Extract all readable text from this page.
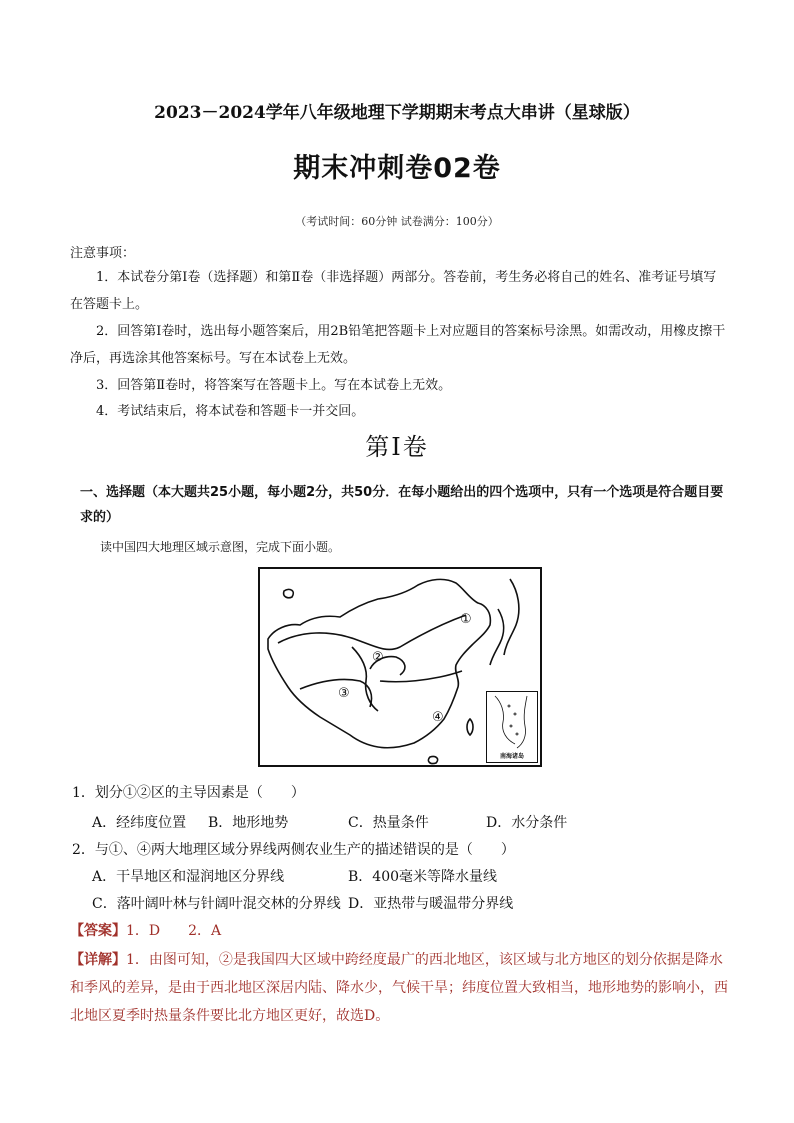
2023－2024学年八年级地理下学期期末考点大串讲（星球版）
期末冲刺卷02卷
（考试时间：60分钟 试卷满分：100分）
注意事项：
1．本试卷分第Ⅰ卷（选择题）和第Ⅱ卷（非选择题）两部分。答卷前，考生务必将自己的姓名、准考证号填写在答题卡上。
2．回答第Ⅰ卷时，选出每小题答案后，用2B铅笔把答题卡上对应题目的答案标号涂黑。如需改动，用橡皮擦干净后，再选涂其他答案标号。写在本试卷上无效。
3．回答第Ⅱ卷时，将答案写在答题卡上。写在本试卷上无效。
4．考试结束后，将本试卷和答题卡一并交回。
第Ⅰ卷
一、选择题（本大题共25小题，每小题2分，共50分．在每小题给出的四个选项中，只有一个选项是符合题目要求的）
读中国四大地理区域示意图，完成下面小题。
①
②
③
④
南海诸岛
1．划分①②区的主导因素是（　　）
A．经纬度位置 B．地形地势	C．热量条件	D．水分条件
2．与①、④两大地理区域分界线两侧农业生产的描述错误的是（　　）
A．干旱地区和湿润地区分界线	B．400毫米等降水量线
C．落叶阔叶林与针阔叶混交林的分界线 D．亚热带与暖温带分界线
【答案】1．D　　2．A
【详解】1．由图可知，②是我国四大区域中跨经度最广的西北地区，该区域与北方地区的划分依据是降水和季风的差异，是由于西北地区深居内陆、降水少，气候干旱；纬度位置大致相当，地形地势的影响小，西北地区夏季时热量条件要比北方地区更好，故选D。
